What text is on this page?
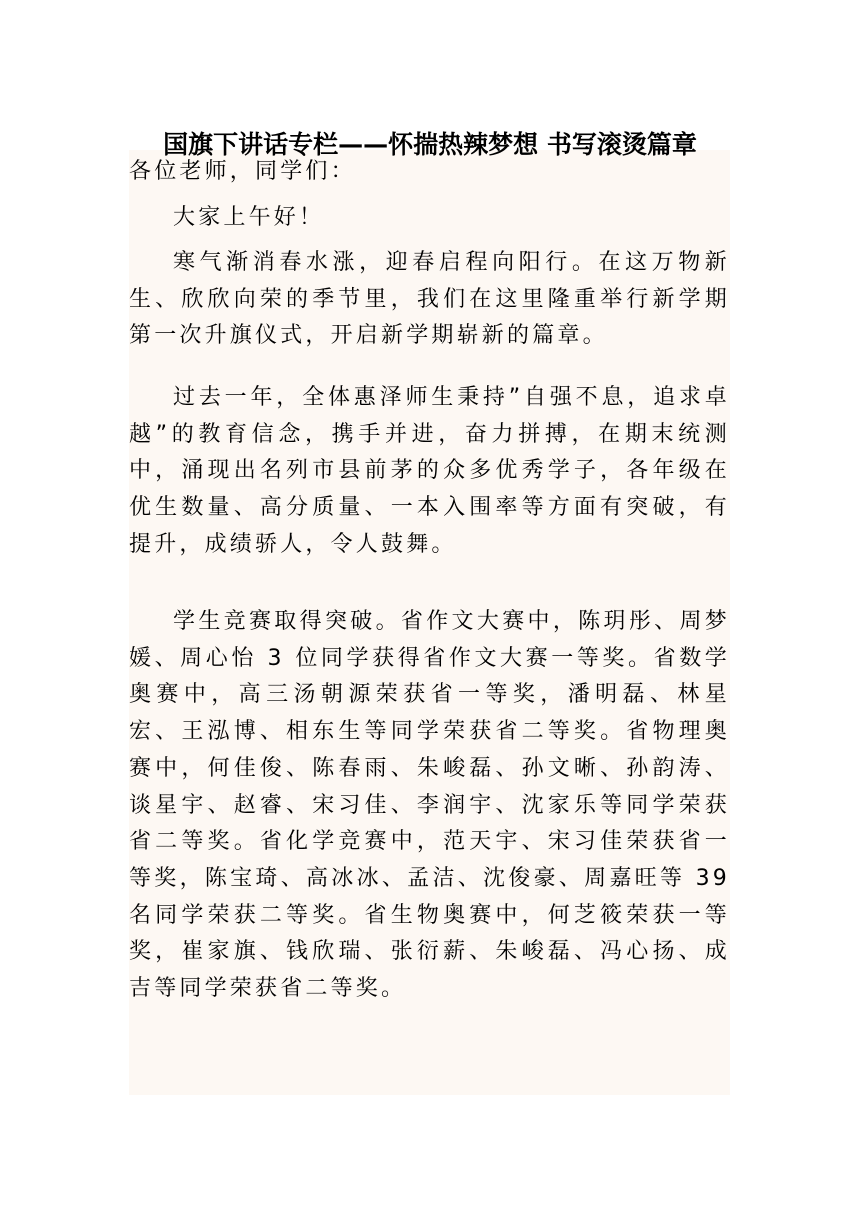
国旗下讲话专栏——怀揣热辣梦想 书写滚烫篇章

各位老师，同学们：

大家上午好！

寒气渐消春水涨，迎春启程向阳行。在这万物新生、欣欣向荣的季节里，我们在这里隆重举行新学期第一次升旗仪式，开启新学期崭新的篇章。

过去一年，全体惠泽师生秉持”自强不息，追求卓越”的教育信念，携手并进，奋力拼搏，在期末统测中，涌现出名列市县前茅的众多优秀学子，各年级在优生数量、高分质量、一本入围率等方面有突破，有提升，成绩骄人，令人鼓舞。

学生竞赛取得突破。省作文大赛中，陈玥彤、周梦媛、周心怡 3 位同学获得省作文大赛一等奖。省数学奥赛中，高三汤朝源荣获省一等奖，潘明磊、林星宏、王泓博、相东生等同学荣获省二等奖。省物理奥赛中，何佳俊、陈春雨、朱峻磊、孙文晰、孙韵涛、谈星宇、赵睿、宋习佳、李润宇、沈家乐等同学荣获省二等奖。省化学竞赛中，范天宇、宋习佳荣获省一等奖，陈宝琦、高冰冰、孟洁、沈俊豪、周嘉旺等 39 名同学荣获二等奖。省生物奥赛中，何芝筱荣获一等奖，崔家旗、钱欣瑞、张衍薪、朱峻磊、冯心扬、成吉等同学荣获省二等奖。
